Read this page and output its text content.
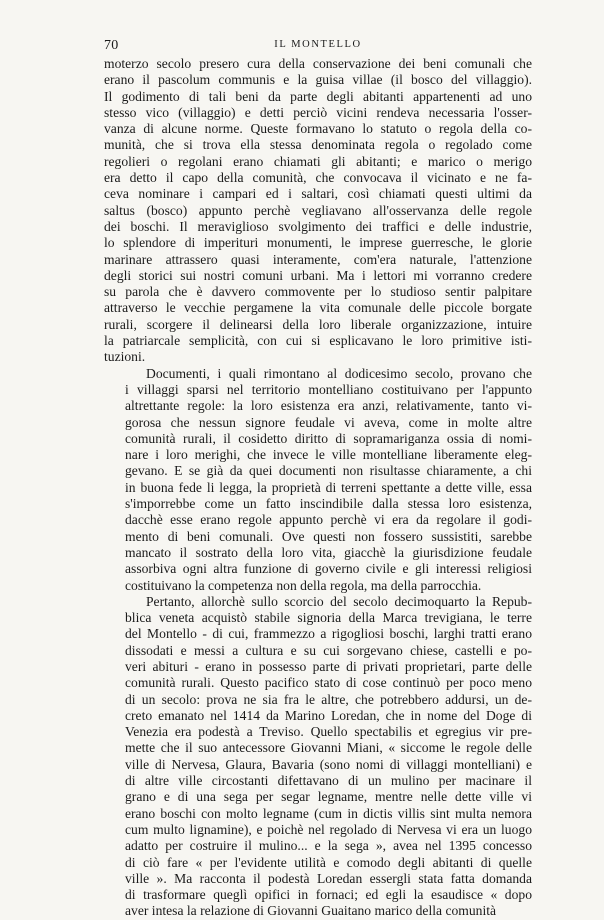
70	IL MONTELLO
moterzo secolo presero cura della conservazione dei beni comunali che
erano il pascolum communis e la guisa villae (il bosco del villaggio).
Il godimento di tali beni da parte degli abitanti appartenenti ad uno
stesso vico (villaggio) e detti perciò vicini rendeva necessaria l'osser-
vanza di alcune norme. Queste formavano lo statuto o regola della co-
munità, che si trova ella stessa denominata regola o regolado come
regolieri o regolani erano chiamati gli abitanti; e marico o merigo
era detto il capo della comunità, che convocava il vicinato e ne fa-
ceva nominare i campari ed i saltari, così chiamati questi ultimi da
saltus (bosco) appunto perchè vegliavano all'osservanza delle regole
dei boschi. Il meraviglioso svolgimento dei traffici e delle industrie,
lo splendore di imperituri monumenti, le imprese guerresche, le glorie
marinare attrassero quasi interamente, com'era naturale, l'attenzione
degli storici sui nostri comuni urbani. Ma i lettori mi vorranno credere
su parola che è davvero commovente per lo studioso sentir palpitare
attraverso le vecchie pergamene la vita comunale delle piccole borgate
rurali, scorgere il delinearsi della loro liberale organizzazione, intuire
la patriarcale semplicità, con cui si esplicavano le loro primitive isti-
tuzioni.
Documenti, i quali rimontano al dodicesimo secolo, provano che
i villaggi sparsi nel territorio montelliano costituivano per l'appunto
altrettante regole: la loro esistenza era anzi, relativamente, tanto vi-
gorosa che nessun signore feudale vi aveva, come in molte altre
comunità rurali, il cosidetto diritto di sopramariganza ossia di nomi-
nare i loro merighi, che invece le ville montelliane liberamente eleg-
gevano. E se già da quei documenti non risultasse chiaramente, a chi
in buona fede li legga, la proprietà di terreni spettante a dette ville, essa
s'imporrebbe come un fatto inscindibile dalla stessa loro esistenza,
dacchè esse erano regole appunto perchè vi era da regolare il godi-
mento di beni comunali. Ove questi non fossero sussistiti, sarebbe
mancato il sostrato della loro vita, giacchè la giurisdizione feudale
assorbiva ogni altra funzione di governo civile e gli interessi religiosi
costituivano la competenza non della regola, ma della parrocchia.
Pertanto, allorchè sullo scorcio del secolo decimoquarto la Repub-
blica veneta acquistò stabile signoria della Marca trevigiana, le terre
del Montello - di cui, frammezzo a rigogliosi boschi, larghi tratti erano
dissodati e messi a cultura e su cui sorgevano chiese, castelli e po-
veri abituri - erano in possesso parte di privati proprietari, parte delle
comunità rurali. Questo pacifico stato di cose continuò per poco meno
di un secolo: prova ne sia fra le altre, che potrebbero addursi, un de-
creto emanato nel 1414 da Marino Loredan, che in nome del Doge di
Venezia era podestà a Treviso. Quello spectabilis et egregius vir pre-
mette che il suo antecessore Giovanni Miani, « siccome le regole delle
ville di Nervesa, Glaura, Bavaria (sono nomi di villaggi montelliani) e
di altre ville circostanti difettavano di un mulino per macinare il
grano e di una sega per segar legname, mentre nelle dette ville vi
erano boschi con molto legname (cum in dictis villis sint multa nemora
cum multo lignamine), e poichè nel regolado di Nervesa vi era un luogo
adatto per costruire il mulino... e la sega », avea nel 1395 concesso
di ciò fare « per l'evidente utilità e comodo degli abitanti di quelle
ville ». Ma racconta il podestà Loredan essergli stata fatta domanda
di trasformare queglì opifici in fornaci; ed egli la esaudisce « dopo
aver intesa la relazione di Giovanni Guaitano marico della comunità
